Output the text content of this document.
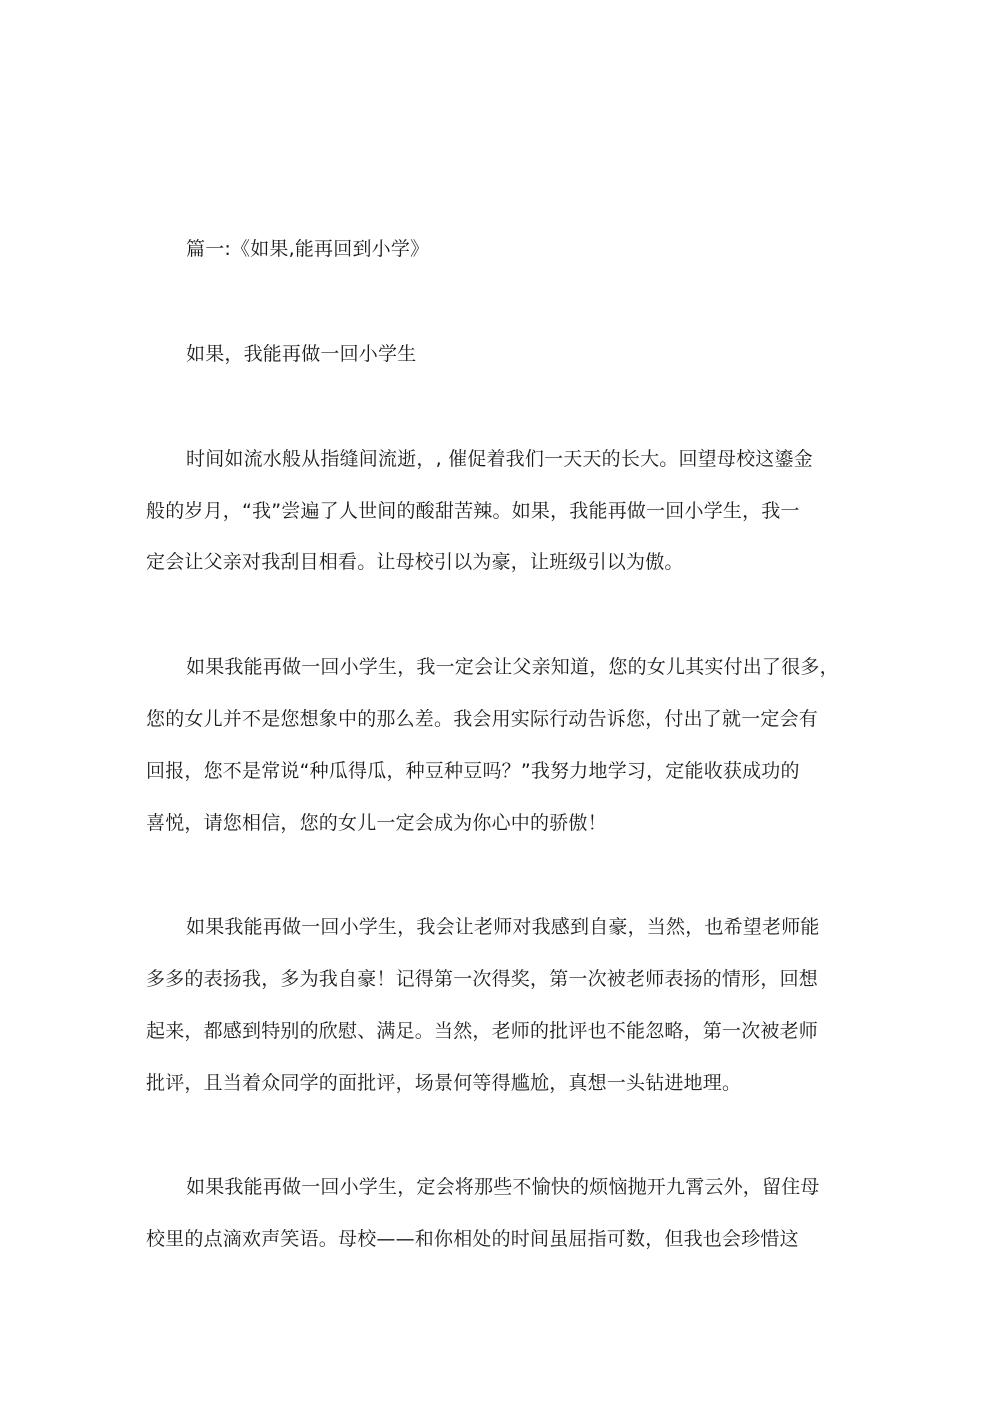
篇一:《如果,能再回到小学》
如果，我能再做一回小学生
时间如流水般从指缝间流逝，, 催促着我们一天天的长大。回望母校这鎏金
般的岁月，“我”尝遍了人世间的酸甜苦辣。如果，我能再做一回小学生，我一
定会让父亲对我刮目相看。让母校引以为豪，让班级引以为傲。
如果我能再做一回小学生，我一定会让父亲知道，您的女儿其实付出了很多，
您的女儿并不是您想象中的那么差。我会用实际行动告诉您，付出了就一定会有
回报，您不是常说“种瓜得瓜，种豆种豆吗？”我努力地学习，定能收获成功的
喜悦，请您相信，您的女儿一定会成为你心中的骄傲！
如果我能再做一回小学生，我会让老师对我感到自豪，当然，也希望老师能
多多的表扬我，多为我自豪！记得第一次得奖，第一次被老师表扬的情形，回想
起来，都感到特别的欣慰、满足。当然，老师的批评也不能忽略，第一次被老师
批评，且当着众同学的面批评，场景何等得尴尬，真想一头钻进地理。
如果我能再做一回小学生，定会将那些不愉快的烦恼抛开九霄云外，留住母
校里的点滴欢声笑语。母校——和你相处的时间虽屈指可数，但我也会珍惜这
